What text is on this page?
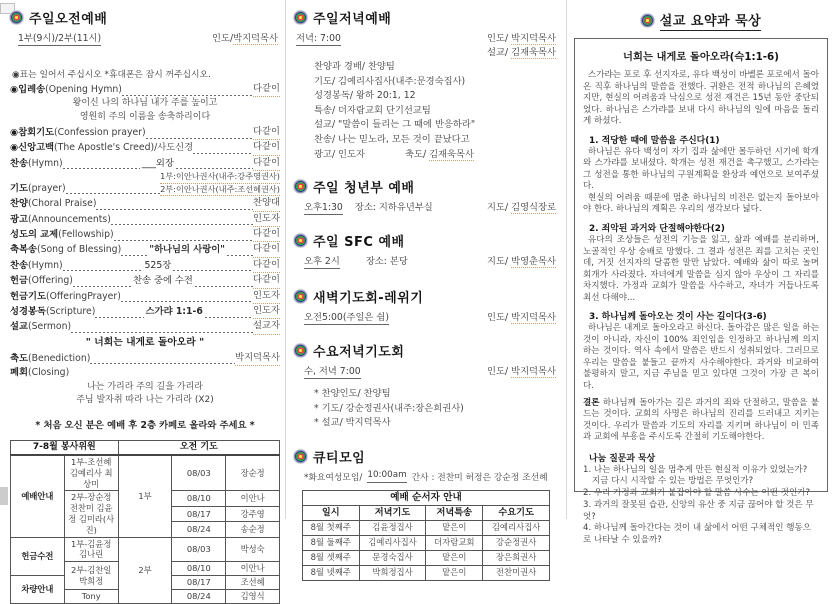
주일오전예배
1부(9시)/2부(11시)	인도/박지덕목사
◉표는 일어서 주십시오 *휴대폰은 잠시 꺼주십시오.
◉입례송 (Opening Hymn)	다같이
왕이신 나의 하나님 내가 주를 높이고
영원히 주의 이름을 송축하리이다
◉참회기도 (Confession prayer)	다같이
◉신앙고백 (The Apostle's Creed)/사도신경	다같이
찬송 (Hymn)	___외장	다같이
기도 (prayer)
1부:이안나권사(내주:강주영권사)
2부:이안나권사(내주:조선혜권사)
찬양 (Choral Praise)	찬양대
광고 (Announcements)	인도자
성도의 교제 (Fellowship)	다같이
축복송 (Song of Blessing)	"하나님의 사랑이"	다같이
찬송 (Hymn)	525장	다같이
헌금 (Offering)	찬송 중에 수전	다같이
헌금기도 (OfferingPrayer)	인도자
성경봉독 (Scripture)	스가랴 1:1-6	인도자
설교 (Sermon)	설교자
" 너희는 내게로 돌아오라 "
축도 (Benediction)	박지덕목사
폐회 (Closing)
나는 가리라 주의 길을 가리라
주님 발자취 따라 나는 가리라 (X2)
* 처음 오신 분은 예배 후 2층 카페로 올라와 주세요 *
7-8월 봉사위원		오전 기도		
예배안내	1부-조선혜 김예리사 최상미	1부	08/03	장순정
	2부-장순정 전찬미 김윤정 김미라(사진)		08/10	이안나
			08/17	강주영
			08/24	송순정
헌금수전	1부-김윤정 김나린	2부	08/03	박성숙
	2부-김찬일 박희정		08/10	이안나
차량안내			08/17	조선혜
	Tony		08/24	김영식
주일저녁예배
저녁: 7:00	인도/ 박지덕목사
설교/ 김재욱목사
찬양과 경배/ 찬양팀
기도/ 김예리사집사(내주:문경숙집사)
성경봉독/ 왕하 20:1, 12
특송/ 더자람교회 단기선교팀
설교/ "말씀이 들리는 그 때에 반응하라"
찬송/ 나는 믿노라, 모든 것이 끝났다고
광고/ 인도자	축도/ 김재욱목사
주일 청년부 예배
오후1:30 장소: 지하유년부실	지도/ 김영식장로
주일 SFC 예배
오후 2시	장소: 본당	지도/ 박영춘목사
새벽기도회-레위기
오전5:00(주일은 쉼)	인도/ 박지덕목사
수요저녁기도회
수, 저녁 7:00	인도/ 박지덕목사
* 찬양인도/ 찬양팀
* 기도/ 강순정권사(내주:장은희권사)
* 설교/ 박지덕목사
큐티모임
*화요여성모임/ 10:00am 간사 : 전찬미 허정은 강순정 조선혜
예배 순서자 안내			
일시	저녁기도	저녁특송	수요기도
8월 첫째주	김윤정집사	맡은이	김예리사집사
8월 둘째주	김예리사집사	더자람교회	강순정권사
8월 셋째주	문경숙집사	맡은이	장은희권사
8월 넷째주	박희정집사	맡은이	전찬미권사
설교 요약과 묵상
너희는 내게로 돌아오라(슥1:1-6)

스가랴는 포로 후 선지자로, 유다 백성이 바벨론 포로에서 돌아온 직후 하나님의 말씀을 전했다. 귀환은 전적 하나님의 은혜였지만, 현실의 어려움과 낙심으로 성전 재건은 15년 동안 중단되었다. 하나님은 스가랴를 보내 다시 하나님의 일에 마음을 돌리게 하셨다.

1. 적당한 때에 말씀을 주신다(1)

하나님은 유다 백성이 자기 집과 삶에만 몰두하던 시기에 학개와 스가랴를 보내셨다. 학개는 성전 재건을 촉구했고, 스가랴는 그 성전을 통한 하나님의 구원계획을 환상과 예언으로 보여주셨다.

현실의 어려움 때문에 멈춘 하나님의 비전은 없는지 돌아보아야 한다. 하나님의 계획은 우리의 생각보다 넓다.

2. 죄악된 과거와 단절해야한다(2)

유다의 조상들은 성전의 기능을 잃고, 삶과 예배를 분리하며, 노골적인 우상 숭배로 망했다. 그 결과 성전은 죄를 고치는 곳인데, 거짓 선지자의 달콤한 말만 남았다. 예배와 삶이 따로 놀며 회개가 사라졌다. 자녀에게 말씀을 심지 않아 우상이 그 자리를 차지했다. 가정과 교회가 말씀을 사수하고, 자녀가 거듭나도록 최선 다해야...

3. 하나님께 돌아오는 것이 사는 길이다(3-6)

하나님은 내게로 돌아오라고 하신다. 돌아감은 많은 일을 하는 것이 아니라, 자신이 100% 죄인임을 인정하고 하나님께 의지하는 것이다. 역사 속에서 말씀은 반드시 성취되었다. 그러므로 우리는 말씀을 붙들고 끝까지 사수해야한다. 과거와 비교하여 불평하지 말고, 지금 주님을 믿고 있다면 그것이 가장 큰 복이다.

결론 하나님께 돌아가는 길은 과거의 죄와 단절하고, 말씀을 붙드는 것이다. 교회의 사명은 하나님의 진리를 드러내고 지키는 것이다. 우리가 말씀과 기도의 자리를 지키며 하나님이 이 민족과 교회에 부흥을 주시도록 간절히 기도해야한다.

나눔 질문과 묵상
1. 나는 하나님의 일을 멈추게 만든 현실적 이유가 있었는가?
지금 다시 시작할 수 있는 방법은 무엇인가?
2. 우리 가정과 교회가 붙잡아야 할 말씀 사수는 어떤 것인가?
3. 과거의 잘못된 습관, 신앙의 유산 중 지금 끊어야 할 것은 무엇?
4. 하나님께 돌아간다는 것이 내 삶에서 어떤 구체적인 행동으로 나타날 수 있을까?
